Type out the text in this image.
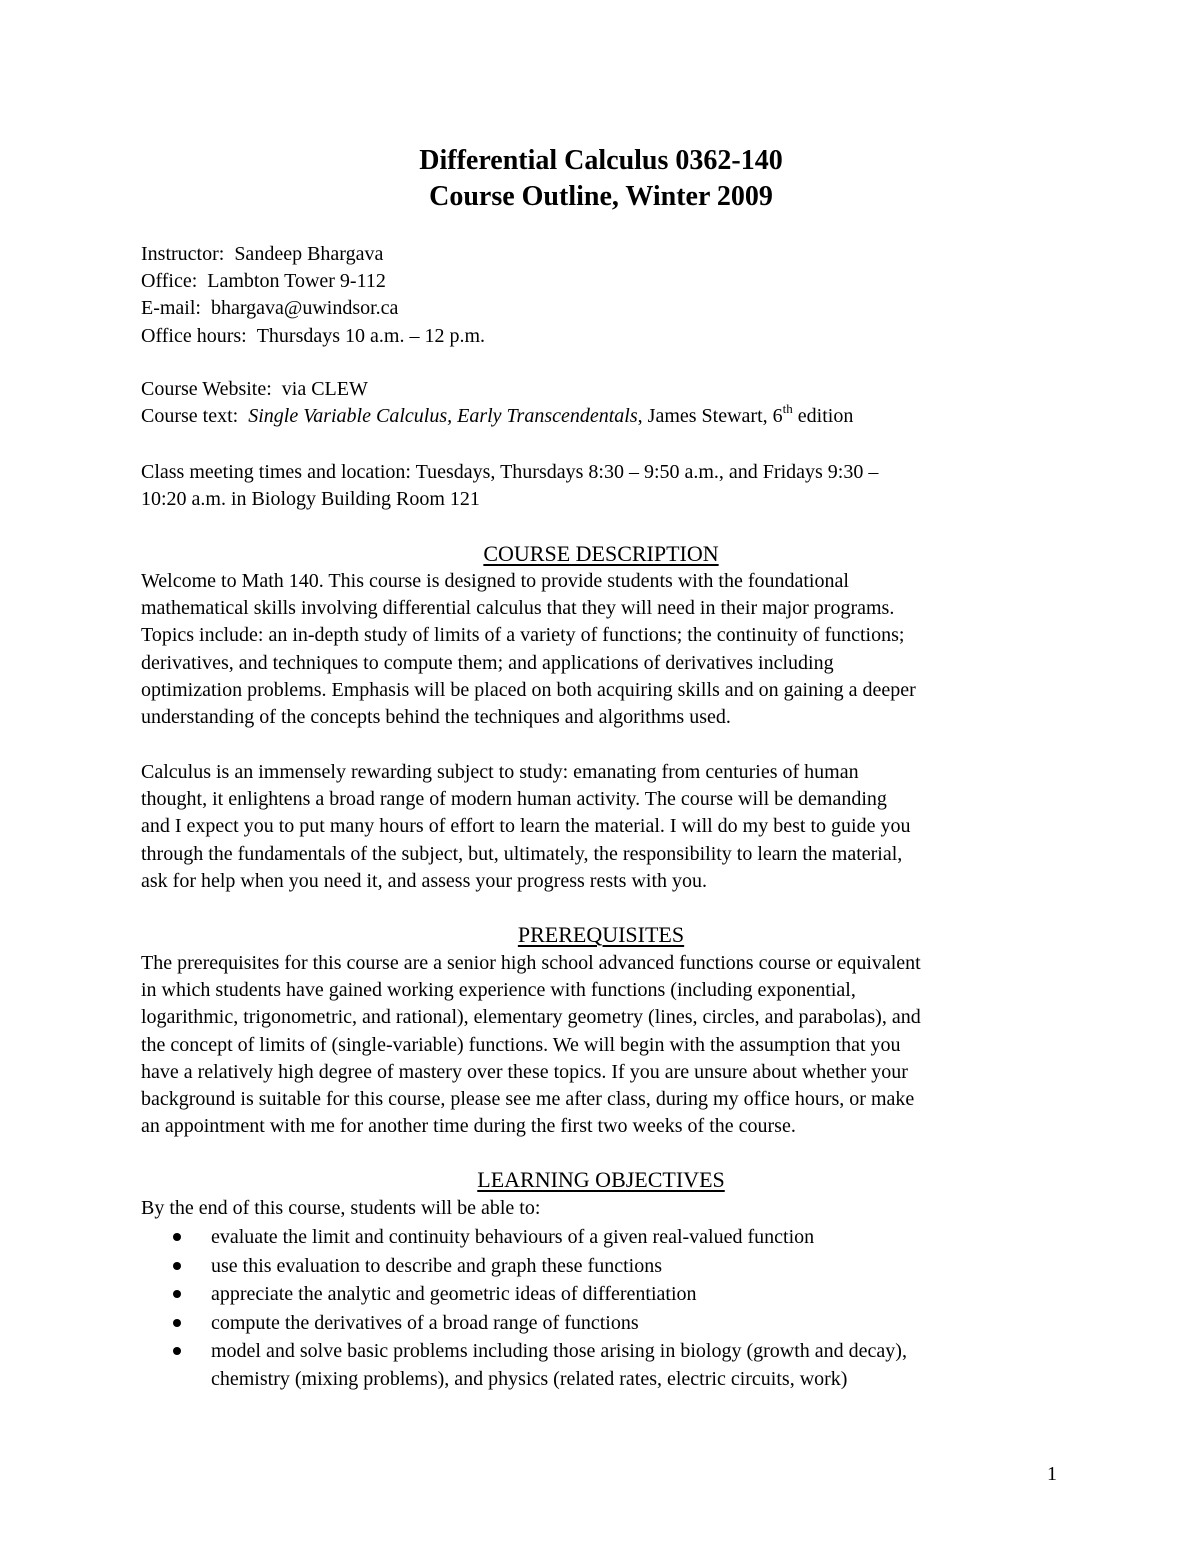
Differential Calculus 0362-140
Course Outline, Winter 2009
Instructor: Sandeep Bhargava
Office: Lambton Tower 9-112
E-mail: bhargava@uwindsor.ca
Office hours: Thursdays 10 a.m. – 12 p.m.
Course Website: via CLEW
Course text: Single Variable Calculus, Early Transcendentals, James Stewart, 6th edition
Class meeting times and location: Tuesdays, Thursdays 8:30 – 9:50 a.m., and Fridays 9:30 –
10:20 a.m. in Biology Building Room 121
COURSE DESCRIPTION
Welcome to Math 140. This course is designed to provide students with the foundational
mathematical skills involving differential calculus that they will need in their major programs.
Topics include: an in-depth study of limits of a variety of functions; the continuity of functions;
derivatives, and techniques to compute them; and applications of derivatives including
optimization problems. Emphasis will be placed on both acquiring skills and on gaining a deeper
understanding of the concepts behind the techniques and algorithms used.
Calculus is an immensely rewarding subject to study: emanating from centuries of human
thought, it enlightens a broad range of modern human activity. The course will be demanding
and I expect you to put many hours of effort to learn the material. I will do my best to guide you
through the fundamentals of the subject, but, ultimately, the responsibility to learn the material,
ask for help when you need it, and assess your progress rests with you.
PREREQUISITES
The prerequisites for this course are a senior high school advanced functions course or equivalent
in which students have gained working experience with functions (including exponential,
logarithmic, trigonometric, and rational), elementary geometry (lines, circles, and parabolas), and
the concept of limits of (single-variable) functions. We will begin with the assumption that you
have a relatively high degree of mastery over these topics. If you are unsure about whether your
background is suitable for this course, please see me after class, during my office hours, or make
an appointment with me for another time during the first two weeks of the course.
LEARNING OBJECTIVES
By the end of this course, students will be able to:
evaluate the limit and continuity behaviours of a given real-valued function
use this evaluation to describe and graph these functions
appreciate the analytic and geometric ideas of differentiation
compute the derivatives of a broad range of functions
model and solve basic problems including those arising in biology (growth and decay),
chemistry (mixing problems), and physics (related rates, electric circuits, work)
1
